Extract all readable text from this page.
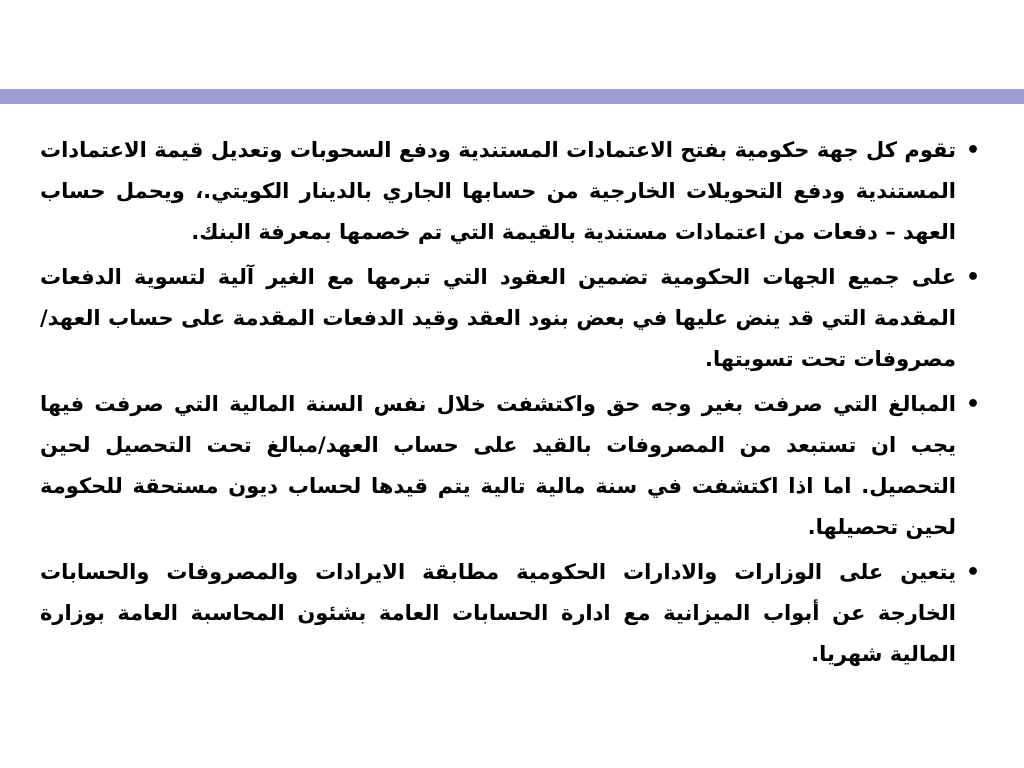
•
تقوم كل جهة حكومية بفتح الاعتمادات المستندية ودفع السحوبات وتعديل قيمة الاعتمادات المستندية ودفع التحويلات الخارجية من حسابها الجاري بالدينار الكويتي.، ويحمل حساب العهد – دفعات من اعتمادات مستندية بالقيمة التي تم خصمها بمعرفة البنك.
•
على جميع الجهات الحكومية تضمين العقود التي تبرمها مع الغير آلية لتسوية الدفعات المقدمة التي قد ينض عليها في بعض بنود العقد وقيد الدفعات المقدمة على حساب العهد/مصروفات تحت تسويتها.
•
المبالغ التي صرفت بغير وجه حق واكتشفت خلال نفس السنة المالية التي صرفت فيها يجب ان تستبعد من المصروفات بالقيد على حساب العهد/مبالغ تحت التحصيل لحين التحصيل. اما اذا اكتشفت في سنة مالية تالية يتم قيدها لحساب ديون مستحقة للحكومة لحين تحصيلها.
•
يتعين على الوزارات والادارات الحكومية مطابقة الايرادات والمصروفات والحسابات الخارجة عن أبواب الميزانية مع ادارة الحسابات العامة بشئون المحاسبة العامة بوزارة المالية شهريا.
